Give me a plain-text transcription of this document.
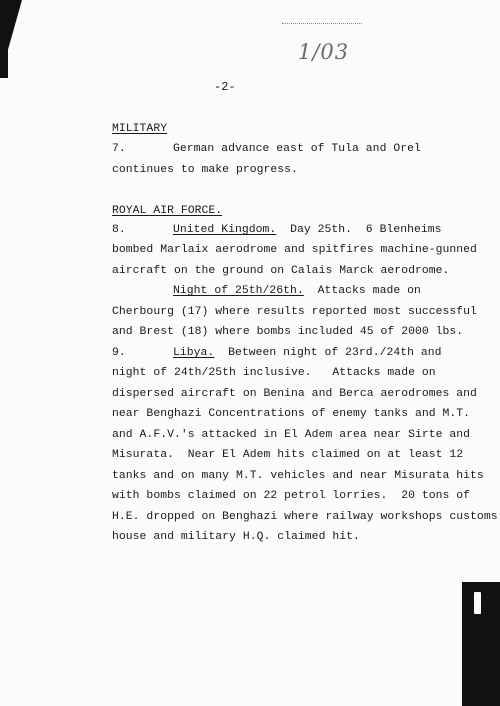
1/03
-2-
MILITARY
7.	German advance east of Tula and Orel
continues to make progress.
ROYAL AIR FORCE.
8.	United Kingdom.  Day 25th.  6 Blenheims
bombed Marlaix aerodrome and spitfires machine-gunned
aircraft on the ground on Calais Marck aerodrome.
Night of 25th/26th.  Attacks made on
Cherbourg (17) where results reported most successful
and Brest (18) where bombs included 45 of 2000 lbs.
9.	Libya.  Between night of 23rd./24th and
night of 24th/25th inclusive.   Attacks made on
dispersed aircraft on Benina and Berca aerodromes and
near Benghazi Concentrations of enemy tanks and M.T.
and A.F.V.'s attacked in El Adem area near Sirte and
Misurata.  Near El Adem hits claimed on at least 12
tanks and on many M.T. vehicles and near Misurata hits
with bombs claimed on 22 petrol lorries.  20 tons of
H.E. dropped on Benghazi where railway workshops customs
house and military H.Q. claimed hit.
